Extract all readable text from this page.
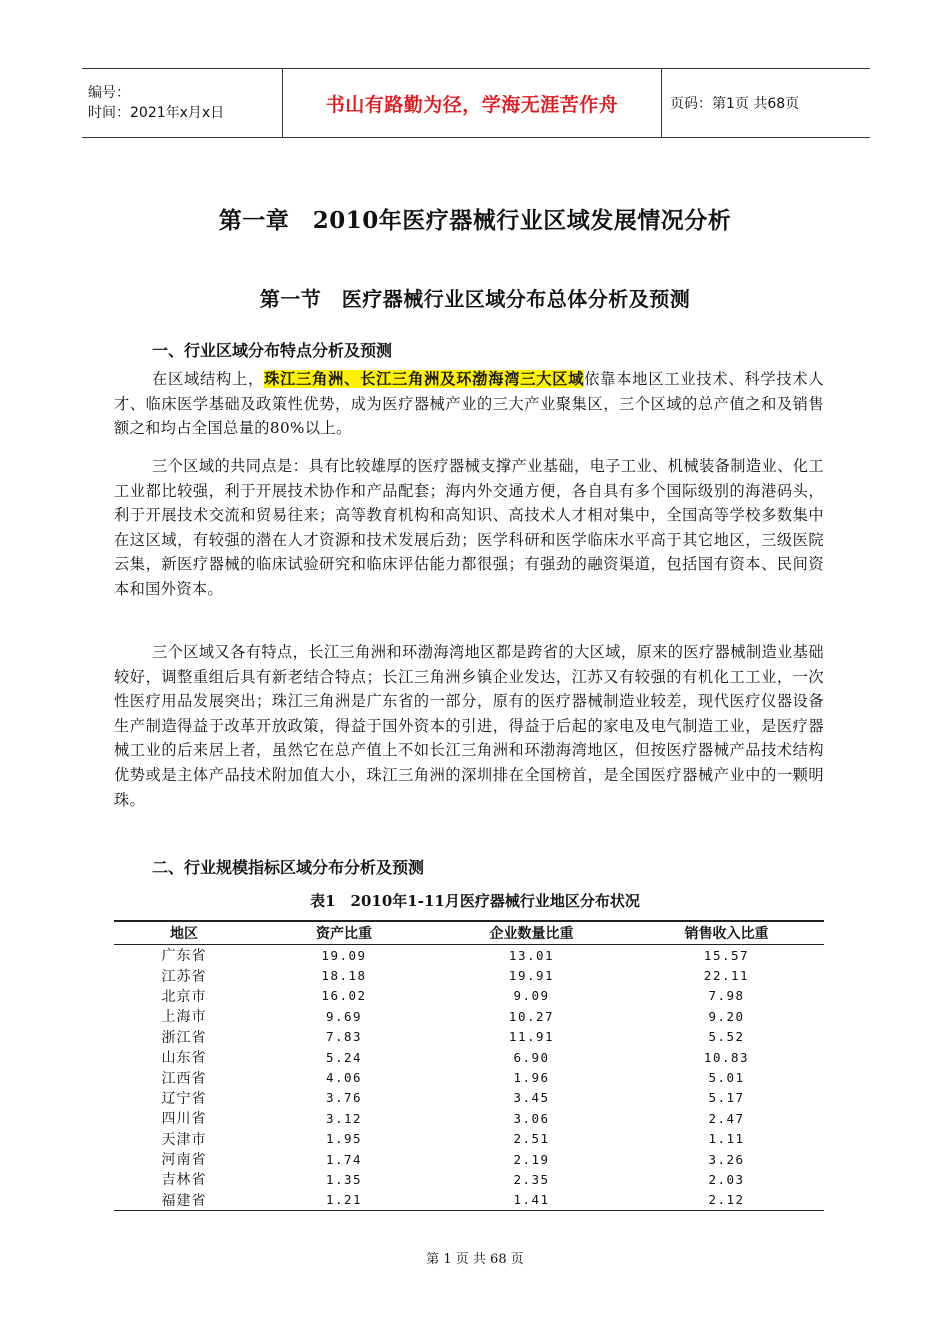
编号：
时间：2021年x月x日	书山有路勤为径，学海无涯苦作舟	页码：第1页 共68页
第一章　2010年医疗器械行业区域发展情况分析
第一节　医疗器械行业区域分布总体分析及预测
一、行业区域分布特点分析及预测

在区域结构上，珠江三角洲、长江三角洲及环渤海湾三大区域依靠本地区工业技术、科学技术人才、临床医学基础及政策性优势，成为医疗器械产业的三大产业聚集区，三个区域的总产值之和及销售额之和均占全国总量的80%以上。

三个区域的共同点是：具有比较雄厚的医疗器械支撑产业基础，电子工业、机械装备制造业、化工工业都比较强，利于开展技术协作和产品配套；海内外交通方便，各自具有多个国际级别的海港码头，利于开展技术交流和贸易往来；高等教育机构和高知识、高技术人才相对集中，全国高等学校多数集中在这区域，有较强的潜在人才资源和技术发展后劲；医学科研和医学临床水平高于其它地区，三级医院云集，新医疗器械的临床试验研究和临床评估能力都很强；有强劲的融资渠道，包括国有资本、民间资本和国外资本。

三个区域又各有特点，长江三角洲和环渤海湾地区都是跨省的大区域，原来的医疗器械制造业基础较好，调整重组后具有新老结合特点；长江三角洲乡镇企业发达，江苏又有较强的有机化工工业，一次性医疗用品发展突出；珠江三角洲是广东省的一部分，原有的医疗器械制造业较差，现代医疗仪器设备生产制造得益于改革开放政策，得益于国外资本的引进，得益于后起的家电及电气制造工业，是医疗器械工业的后来居上者，虽然它在总产值上不如长江三角洲和环渤海湾地区，但按医疗器械产品技术结构优势或是主体产品技术附加值大小，珠江三角洲的深圳排在全国榜首，是全国医疗器械产业中的一颗明珠。

二、行业规模指标区域分布分析及预测
表1　2010年1-11月医疗器械行业地区分布状况
地区	资产比重	企业数量比重	销售收入比重
广东省	19.09	13.01	15.57
江苏省	18.18	19.91	22.11
北京市	16.02	9.09	7.98
上海市	9.69	10.27	9.20
浙江省	7.83	11.91	5.52
山东省	5.24	6.90	10.83
江西省	4.06	1.96	5.01
辽宁省	3.76	3.45	5.17
四川省	3.12	3.06	2.47
天津市	1.95	2.51	1.11
河南省	1.74	2.19	3.26
吉林省	1.35	2.35	2.03
福建省	1.21	1.41	2.12
第 1 页 共 68 页
